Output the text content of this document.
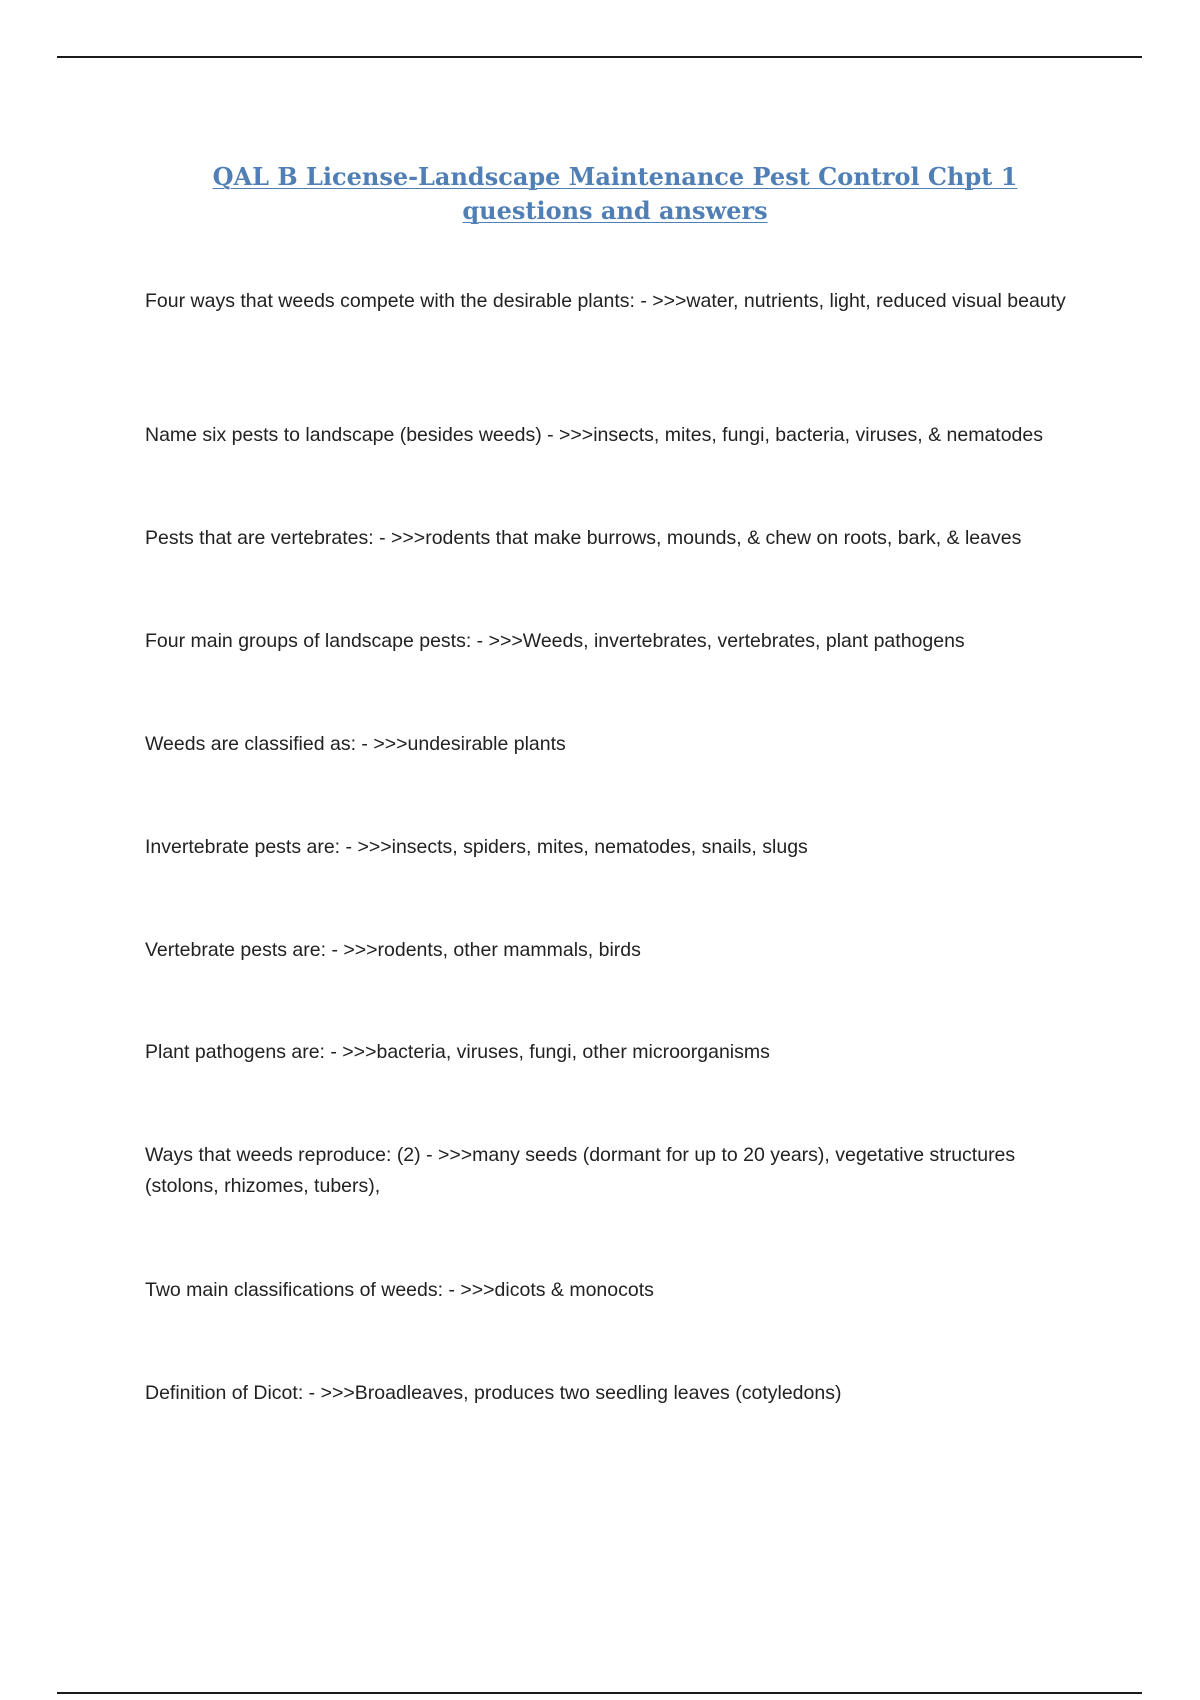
QAL B License-Landscape Maintenance Pest Control Chpt 1 questions and answers
Four ways that weeds compete with the desirable plants: - >>>water, nutrients, light, reduced visual beauty
Name six pests to landscape (besides weeds) - >>>insects, mites, fungi, bacteria, viruses, & nematodes
Pests that are vertebrates: - >>>rodents that make burrows, mounds, & chew on roots, bark, & leaves
Four main groups of landscape pests: - >>>Weeds, invertebrates, vertebrates, plant pathogens
Weeds are classified as: - >>>undesirable plants
Invertebrate pests are: - >>>insects, spiders, mites, nematodes, snails, slugs
Vertebrate pests are: - >>>rodents, other mammals, birds
Plant pathogens are: - >>>bacteria, viruses, fungi, other microorganisms
Ways that weeds reproduce: (2) - >>>many seeds (dormant for up to 20 years), vegetative structures (stolons, rhizomes, tubers),
Two main classifications of weeds: - >>>dicots & monocots
Definition of Dicot: - >>>Broadleaves, produces two seedling leaves (cotyledons)
